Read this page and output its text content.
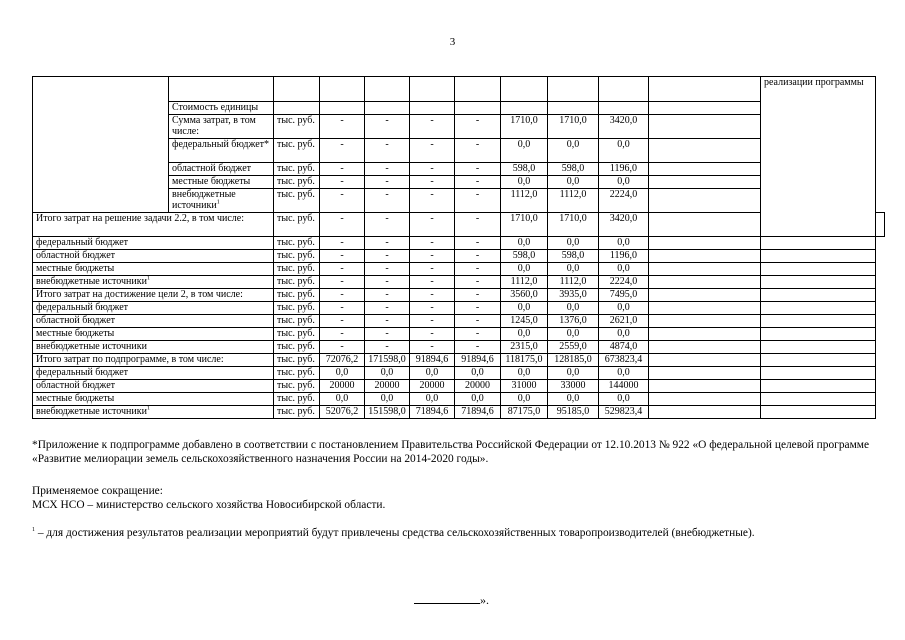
3
											реализации программы	
	Стоимость единицы											
	Сумма затрат, в том числе:	тыс. руб.	-	-	-	-	1710,0	1710,0	3420,0			
	федеральный бюджет*	тыс. руб.	-	-	-	-	0,0	0,0	0,0			
	областной бюджет	тыс. руб.	-	-	-	-	598,0	598,0	1196,0			
	местные бюджеты	тыс. руб.	-	-	-	-	0,0	0,0	0,0			
	внебюджетные источники$^1$	тыс. руб.	-	-	-	-	1112,0	1112,0	2224,0			
Итого затрат на решение задачи 2.2, в том числе:		тыс. руб.	-	-	-	-	1710,0	1710,0	3420,0			
федеральный бюджет		тыс. руб.	-	-	-	-	0,0	0,0	0,0			
областной бюджет		тыс. руб.	-	-	-	-	598,0	598,0	1196,0			
местные бюджеты		тыс. руб.	-	-	-	-	0,0	0,0	0,0			
внебюджетные источники$^1$		тыс. руб.	-	-	-	-	1112,0	1112,0	2224,0			
Итого затрат на достижение цели 2, в том числе:		тыс. руб.	-	-	-	-	3560,0	3935,0	7495,0			
федеральный бюджет		тыс. руб.	-	-	-	-	0,0	0,0	0,0			
областной бюджет		тыс. руб.	-	-	-	-	1245,0	1376,0	2621,0			
местные бюджеты		тыс. руб.	-	-	-	-	0,0	0,0	0,0			
внебюджетные источники		тыс. руб.	-	-	-	-	2315,0	2559,0	4874,0			
Итого затрат по подпрограмме, в том числе:		тыс. руб.	72076,2	171598,0	91894,6	91894,6	118175,0	128185,0	673823,4			
федеральный бюджет		тыс. руб.	0,0	0,0	0,0	0,0	0,0	0,0	0,0			
областной бюджет		тыс. руб.	20000	20000	20000	20000	31000	33000	144000			
местные бюджеты		тыс. руб.	0,0	0,0	0,0	0,0	0,0	0,0	0,0			
внебюджетные источники$^1$		тыс. руб.	52076,2	151598,0	71894,6	71894,6	87175,0	95185,0	529823,4			
*Приложение к подпрограмме добавлено в соответствии с постановлением Правительства Российской Федерации от 12.10.2013 № 922 «О федеральной целевой программе «Развитие мелиорации земель сельскохозяйственного назначения России на 2014-2020 годы».
Применяемое сокращение:
МСХ НСО – министерство сельского хозяйства Новосибирской области.
$^1$ – для достижения результатов реализации мероприятий будут привлечены средства сельскохозяйственных товаропроизводителей (внебюджетные).
».
